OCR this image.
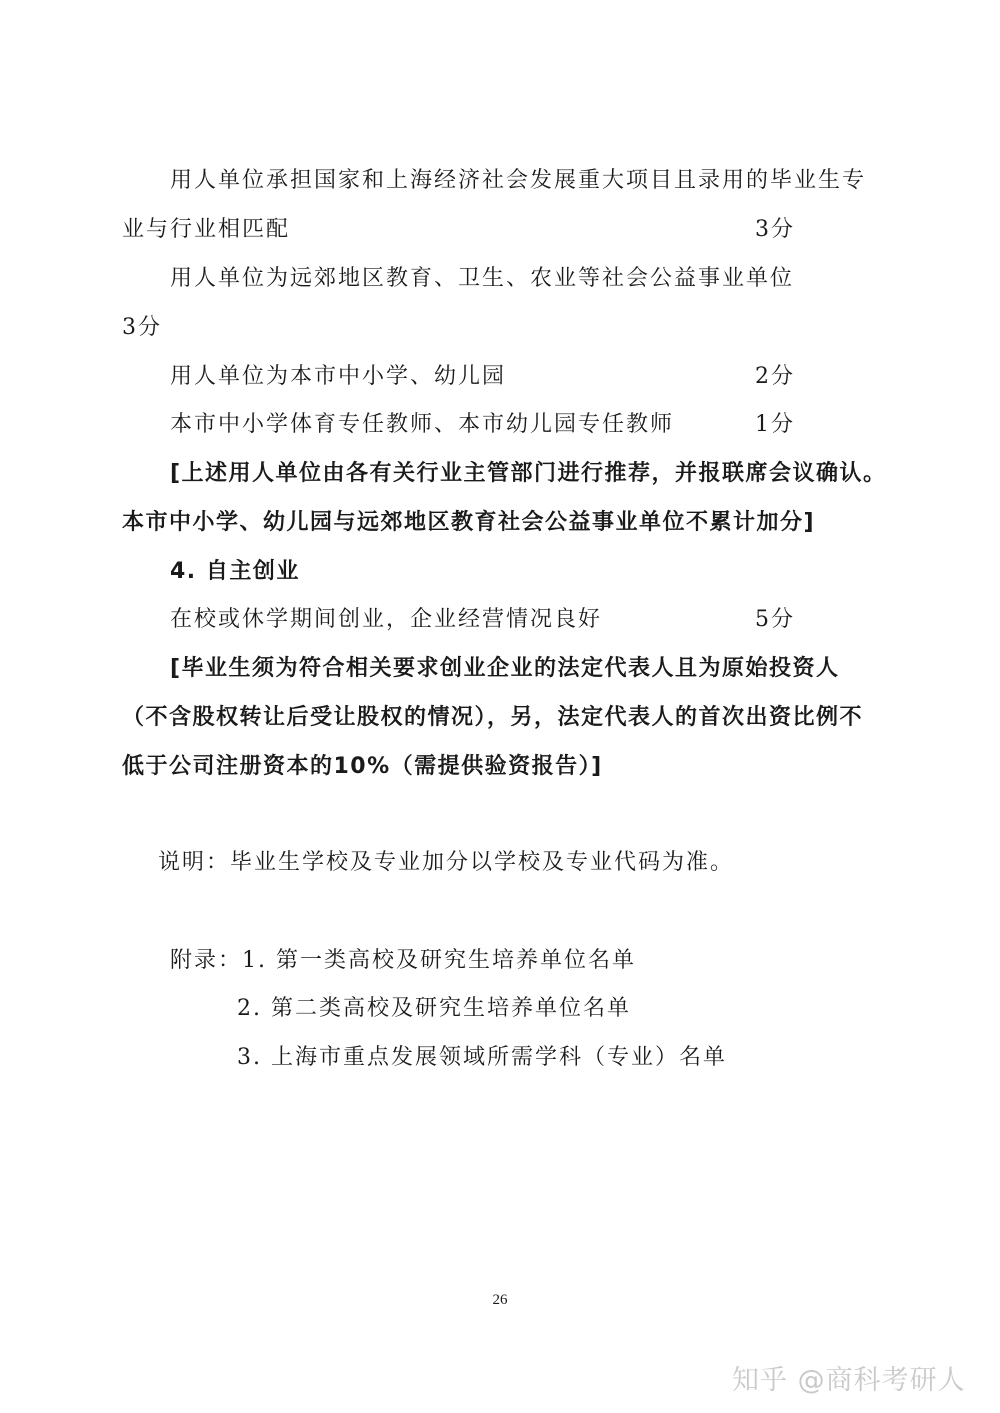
用人单位承担国家和上海经济社会发展重大项目且录用的毕业生专
业与行业相匹配	3分
用人单位为远郊地区教育、卫生、农业等社会公益事业单位
3分
用人单位为本市中小学、幼儿园	2分
本市中小学体育专任教师、本市幼儿园专任教师	1分
[上述用人单位由各有关行业主管部门进行推荐，并报联席会议确认。
本市中小学、幼儿园与远郊地区教育社会公益事业单位不累计加分]
4. 自主创业
在校或休学期间创业，企业经营情况良好	5分
[毕业生须为符合相关要求创业企业的法定代表人且为原始投资人
（不含股权转让后受让股权的情况），另，法定代表人的首次出资比例不
低于公司注册资本的10%（需提供验资报告）]
说明：毕业生学校及专业加分以学校及专业代码为准。
附录：1. 第一类高校及研究生培养单位名单
2. 第二类高校及研究生培养单位名单
3. 上海市重点发展领域所需学科（专业）名单
26
知乎 @商科考研人
